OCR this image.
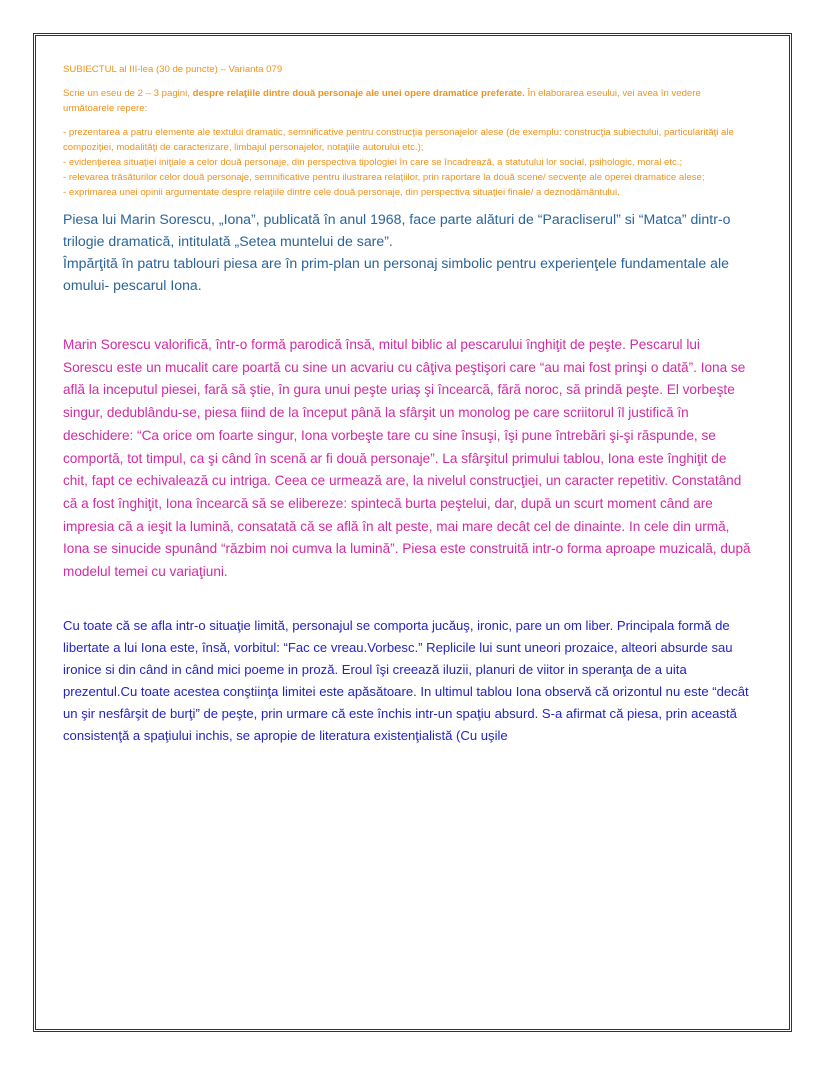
SUBIECTUL al III-lea (30 de puncte) – Varianta 079

Scrie un eseu de 2 – 3 pagini, despre relaţiile dintre două personaje ale unei opere dramatice preferate. În elaborarea eseului, vei avea în vedere următoarele repere:

- prezentarea a patru elemente ale textului dramatic, semnificative pentru construcţia personajelor alese (de exemplu: construcţia subiectului, particularităţi ale compoziţiei, modalităţi de caracterizare, limbajul personajelor, notaţiile autorului etc.);

- evidenţierea situaţiei iniţiale a celor două personaje, din perspectiva tipologiei în care se încadrează, a statutului lor social, psihologic, moral etc.;

- relevarea trăsăturilor celor două personaje, semnificative pentru ilustrarea relaţiilor, prin raportare la două scene/ secvenţe ale operei dramatice alese;

- exprimarea unei opinii argumentate despre relaţiile dintre cele două personaje, din perspectiva situaţiei finale/ a deznodământului.

Piesa lui Marin Sorescu, „Iona”, publicată în anul 1968, face parte alături de “Paracliserul” si “Matca” dintr-o trilogie dramatică, intitulată „Setea muntelui de sare”.

Împărţită în patru tablouri piesa are în prim-plan un personaj simbolic pentru experienţele fundamentale ale omului- pescarul Iona.

Marin Sorescu valorifică, într-o formă parodică însă, mitul biblic al pescarului înghiţit de peşte. Pescarul lui Sorescu este un mucalit care poartă cu sine un acvariu cu câţiva peştişori care “au mai fost prinşi o dată”. Iona se află la inceputul piesei, fară să ştie, în gura unui peşte uriaş şi încearcă, fără noroc, să prindă peşte. El vorbeşte singur, dedublându-se, piesa fiind de la început până la sfârşit un monolog pe care scriitorul îl justifică în deschidere: “Ca orice om foarte singur, Iona vorbeşte tare cu sine însuşi, îşi pune întrebări şi-şi răspunde, se comportă, tot timpul, ca şi când în scenă ar fi două personaje”. La sfârşitul primului tablou, Iona este înghiţit de chit, fapt ce echivalează cu intriga. Ceea ce urmează are, la nivelul construcţiei, un caracter repetitiv. Constatând că a fost înghiţit, Iona încearcă să se elibereze: spintecă burta peştelui, dar, după un scurt moment când are impresia că a ieşit la lumină, consatată că se află în alt peste, mai mare decât cel de dinainte. In cele din urmă, Iona se sinucide spunând “răzbim noi cumva la lumină”. Piesa este construită intr-o forma aproape muzicală, după modelul temei cu variaţiuni.

Cu toate că se afla intr-o situaţie limită, personajul se comporta jucăuş, ironic, pare un om liber. Principala formă de libertate a lui Iona este, însă, vorbitul: “Fac ce vreau.Vorbesc.” Replicile lui sunt uneori prozaice, alteori absurde sau ironice si din când in când mici poeme in proză. Eroul îşi creează iluzii, planuri de viitor in speranţa de a uita prezentul.Cu toate acestea conştiinţa limitei este apăsătoare. In ultimul tablou Iona observă că orizontul nu este “decât un şir nesfârşit de burţi” de peşte, prin urmare că este închis intr-un spaţiu absurd. S-a afirmat că piesa, prin această consistenţă a spaţiului inchis, se apropie de literatura existenţialistă (Cu uşile
